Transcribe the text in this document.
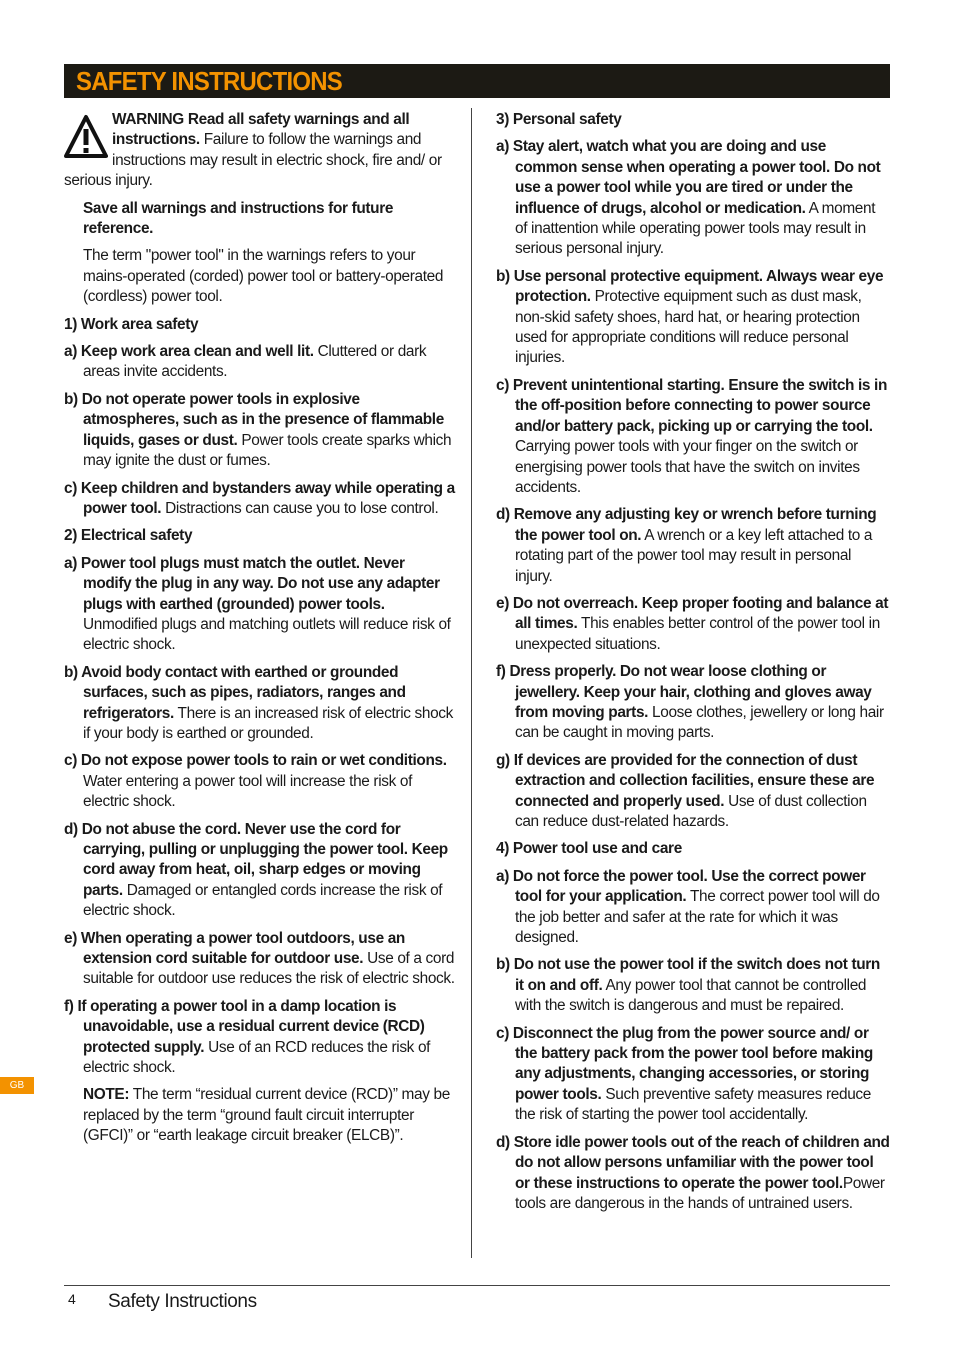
SAFETY INSTRUCTIONS
WARNING Read all safety warnings and all instructions. Failure to follow the warnings and instructions may result in electric shock, fire and/ or serious injury.
Save all warnings and instructions for future reference.
The term "power tool" in the warnings refers to your mains-operated (corded) power tool or battery-operated (cordless) power tool.
1) Work area safety
a) Keep work area clean and well lit. Cluttered or dark areas invite accidents.
b) Do not operate power tools in explosive atmospheres, such as in the presence of flammable liquids, gases or dust. Power tools create sparks which may ignite the dust or fumes.
c) Keep children and bystanders away while operating a power tool. Distractions can cause you to lose control.
2) Electrical safety
a) Power tool plugs must match the outlet. Never modify the plug in any way. Do not use any adapter plugs with earthed (grounded) power tools. Unmodified plugs and matching outlets will reduce risk of electric shock.
b) Avoid body contact with earthed or grounded surfaces, such as pipes, radiators, ranges and refrigerators. There is an increased risk of electric shock if your body is earthed or grounded.
c) Do not expose power tools to rain or wet conditions. Water entering a power tool will increase the risk of electric shock.
d) Do not abuse the cord. Never use the cord for carrying, pulling or unplugging the power tool. Keep cord away from heat, oil, sharp edges or moving parts. Damaged or entangled cords increase the risk of electric shock.
e) When operating a power tool outdoors, use an extension cord suitable for outdoor use. Use of a cord suitable for outdoor use reduces the risk of electric shock.
f) If operating a power tool in a damp location is unavoidable, use a residual current device (RCD) protected supply. Use of an RCD reduces the risk of electric shock.
NOTE: The term “residual current device (RCD)” may be replaced by the term “ground fault circuit interrupter (GFCI)” or “earth leakage circuit breaker (ELCB)”.
3) Personal safety
a) Stay alert, watch what you are doing and use common sense when operating a power tool. Do not use a power tool while you are tired or under the influence of drugs, alcohol or medication. A moment of inattention while operating power tools may result in serious personal injury.
b) Use personal protective equipment. Always wear eye protection. Protective equipment such as dust mask, non-skid safety shoes, hard hat, or hearing protection used for appropriate conditions will reduce personal injuries.
c) Prevent unintentional starting. Ensure the switch is in the off-position before connecting to power source and/or battery pack, picking up or carrying the tool. Carrying power tools with your finger on the switch or energising power tools that have the switch on invites accidents.
d) Remove any adjusting key or wrench before turning the power tool on. A wrench or a key left attached to a rotating part of the power tool may result in personal injury.
e) Do not overreach. Keep proper footing and balance at all times. This enables better control of the power tool in unexpected situations.
f) Dress properly. Do not wear loose clothing or jewellery. Keep your hair, clothing and gloves away from moving parts. Loose clothes, jewellery or long hair can be caught in moving parts.
g) If devices are provided for the connection of dust extraction and collection facilities, ensure these are connected and properly used. Use of dust collection can reduce dust-related hazards.
4) Power tool use and care
a) Do not force the power tool. Use the correct power tool for your application. The correct power tool will do the job better and safer at the rate for which it was designed.
b) Do not use the power tool if the switch does not turn it on and off. Any power tool that cannot be controlled with the switch is dangerous and must be repaired.
c) Disconnect the plug from the power source and/ or the battery pack from the power tool before making any adjustments, changing accessories, or storing power tools. Such preventive safety measures reduce the risk of starting the power tool accidentally.
d) Store idle power tools out of the reach of children and do not allow persons unfamiliar with the power tool or these instructions to operate the power tool.Power tools are dangerous in the hands of untrained users.
GB
4 Safety Instructions
